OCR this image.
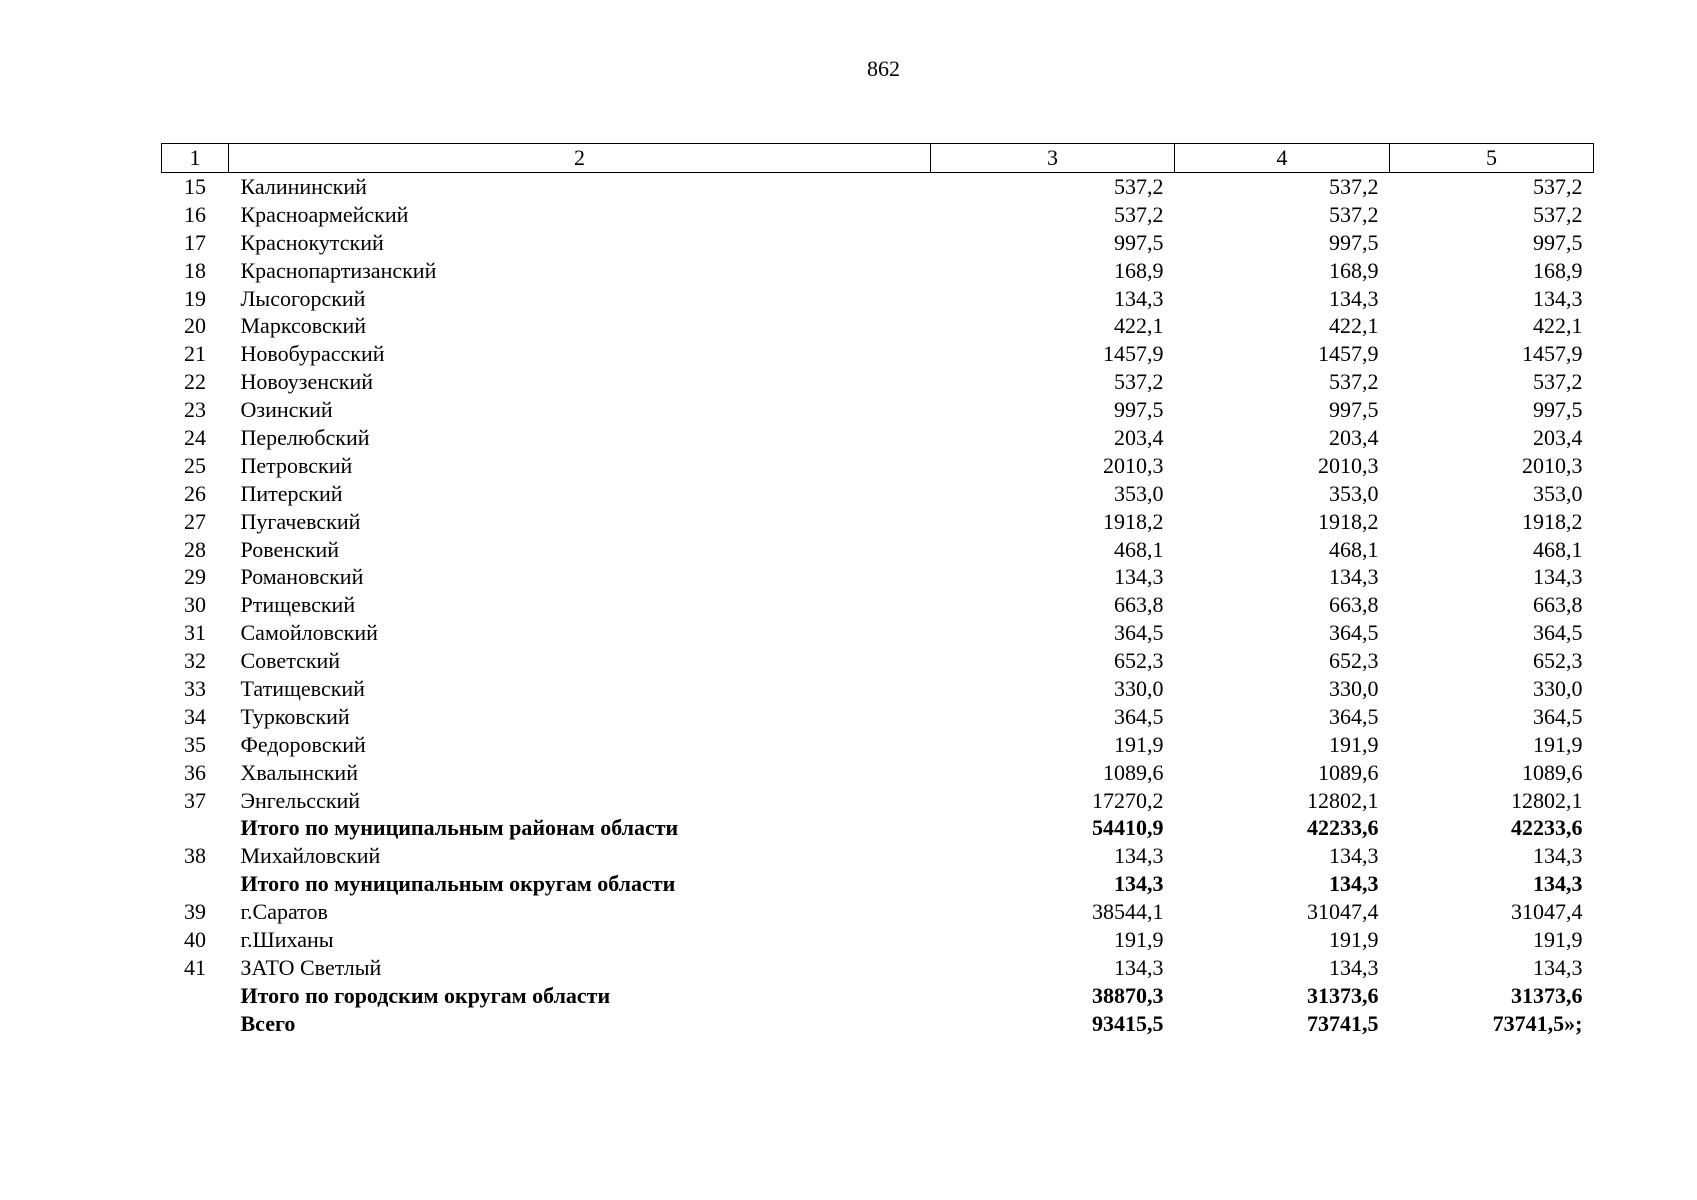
862
1	2	3	4	5
15	Калининский	537,2	537,2	537,2
16	Красноармейский	537,2	537,2	537,2
17	Краснокутский	997,5	997,5	997,5
18	Краснопартизанский	168,9	168,9	168,9
19	Лысогорский	134,3	134,3	134,3
20	Марксовский	422,1	422,1	422,1
21	Новобурасский	1457,9	1457,9	1457,9
22	Новоузенский	537,2	537,2	537,2
23	Озинский	997,5	997,5	997,5
24	Перелюбский	203,4	203,4	203,4
25	Петровский	2010,3	2010,3	2010,3
26	Питерский	353,0	353,0	353,0
27	Пугачевский	1918,2	1918,2	1918,2
28	Ровенский	468,1	468,1	468,1
29	Романовский	134,3	134,3	134,3
30	Ртищевский	663,8	663,8	663,8
31	Самойловский	364,5	364,5	364,5
32	Советский	652,3	652,3	652,3
33	Татищевский	330,0	330,0	330,0
34	Турковский	364,5	364,5	364,5
35	Федоровский	191,9	191,9	191,9
36	Хвалынский	1089,6	1089,6	1089,6
37	Энгельсский	17270,2	12802,1	12802,1
	Итого по муниципальным районам области	54410,9	42233,6	42233,6
38	Михайловский	134,3	134,3	134,3
	Итого по муниципальным округам области	134,3	134,3	134,3
39	г.Саратов	38544,1	31047,4	31047,4
40	г.Шиханы	191,9	191,9	191,9
41	ЗАТО Светлый	134,3	134,3	134,3
	Итого по городским округам области	38870,3	31373,6	31373,6
	Всего	93415,5	73741,5	73741,5»;
